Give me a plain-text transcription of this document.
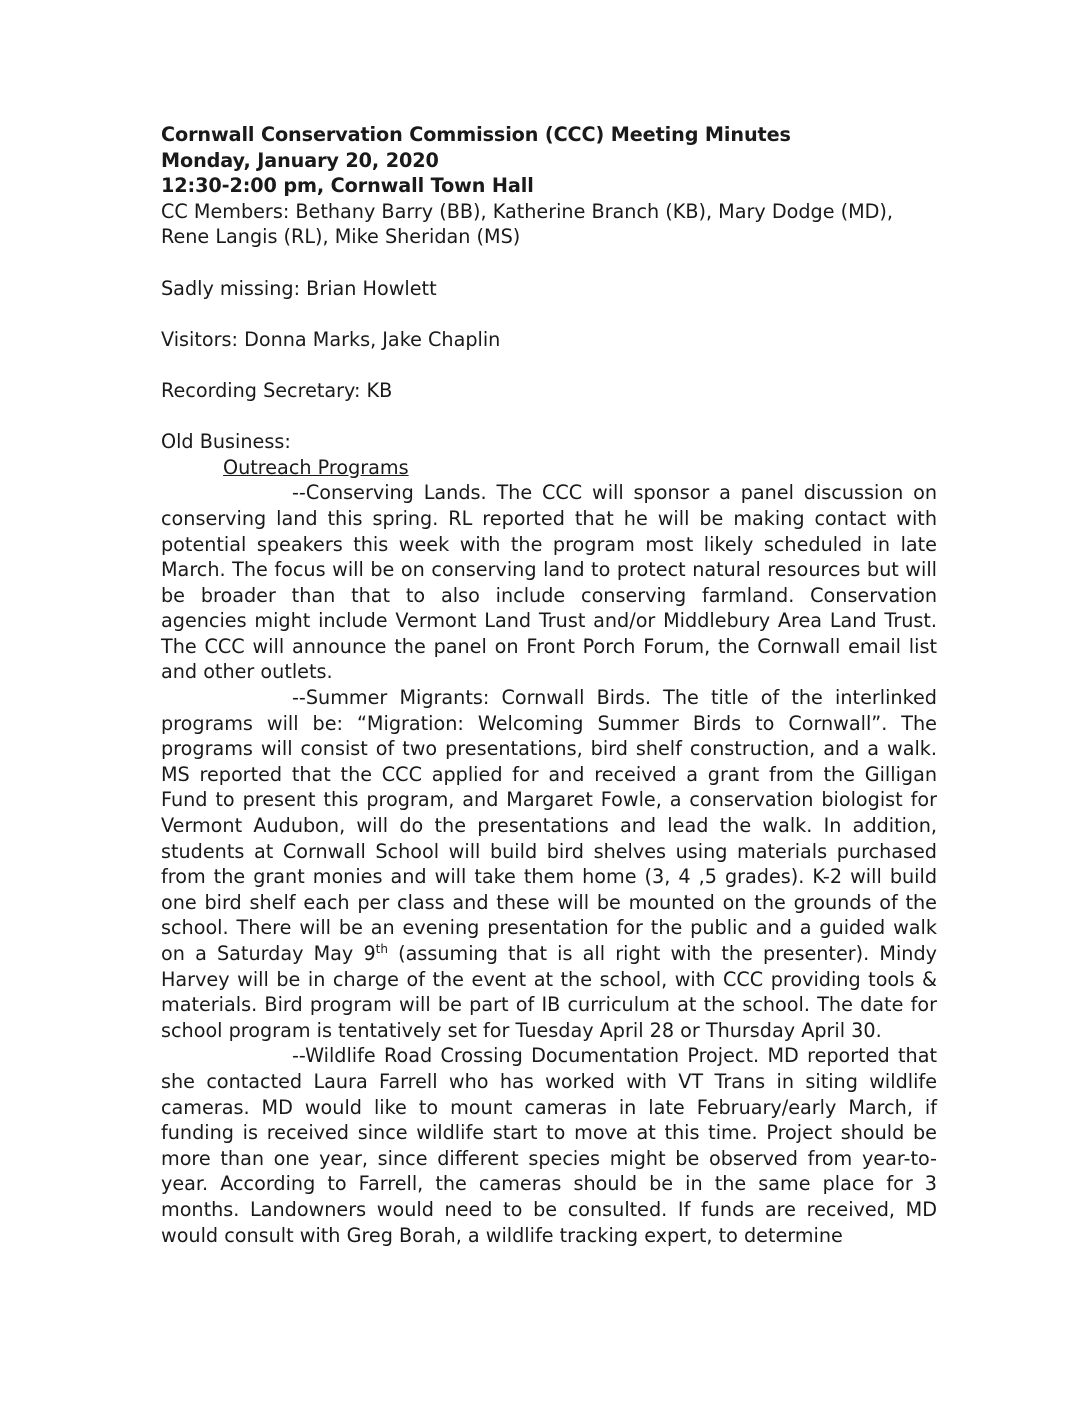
Cornwall Conservation Commission (CCC) Meeting Minutes
Monday, January 20, 2020
12:30-2:00 pm, Cornwall Town Hall

CC Members: Bethany Barry (BB), Katherine Branch (KB), Mary Dodge (MD), Rene Langis (RL), Mike Sheridan (MS)

Sadly missing: Brian Howlett

Visitors: Donna Marks, Jake Chaplin

Recording Secretary: KB

Old Business:

Outreach Programs

--Conserving Lands. The CCC will sponsor a panel discussion on conserving land this spring. RL reported that he will be making contact with potential speakers this week with the program most likely scheduled in late March. The focus will be on conserving land to protect natural resources but will be broader than that to also include conserving farmland. Conservation agencies might include Vermont Land Trust and/or Middlebury Area Land Trust. The CCC will announce the panel on Front Porch Forum, the Cornwall email list and other outlets.

--Summer Migrants: Cornwall Birds. The title of the interlinked programs will be: “Migration: Welcoming Summer Birds to Cornwall”. The programs will consist of two presentations, bird shelf construction, and a walk. MS reported that the CCC applied for and received a grant from the Gilligan Fund to present this program, and Margaret Fowle, a conservation biologist for Vermont Audubon, will do the presentations and lead the walk. In addition, students at Cornwall School will build bird shelves using materials purchased from the grant monies and will take them home (3, 4 ,5 grades). K-2 will build one bird shelf each per class and these will be mounted on the grounds of the school. There will be an evening presentation for the public and a guided walk on a Saturday May 9th (assuming that is all right with the presenter). Mindy Harvey will be in charge of the event at the school, with CCC providing tools & materials. Bird program will be part of IB curriculum at the school. The date for school program is tentatively set for Tuesday April 28 or Thursday April 30.

--Wildlife Road Crossing Documentation Project. MD reported that she contacted Laura Farrell who has worked with VT Trans in siting wildlife cameras. MD would like to mount cameras in late February/early March, if funding is received since wildlife start to move at this time. Project should be more than one year, since different species might be observed from year-to-year. According to Farrell, the cameras should be in the same place for 3 months. Landowners would need to be consulted. If funds are received, MD would consult with Greg Borah, a wildlife tracking expert, to determine
